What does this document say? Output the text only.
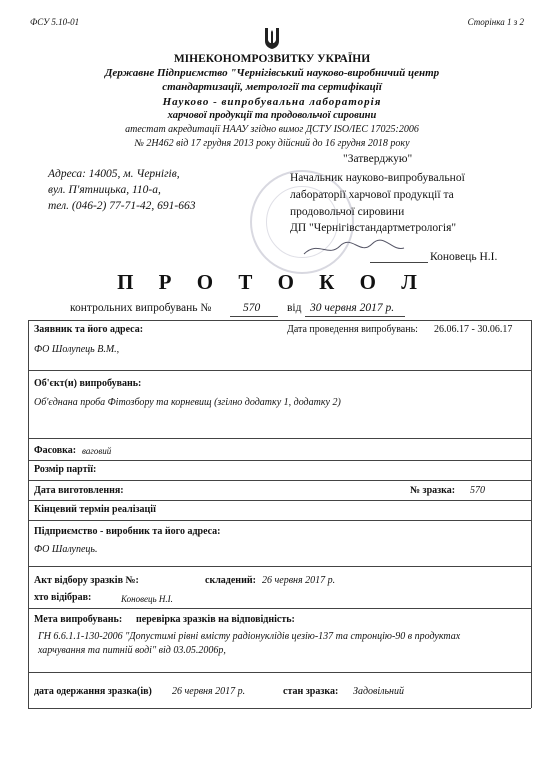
ФСУ 5.10-01	Сторінка 1 з 2
МІНЕКОНОМРОЗВИТКУ УКРАЇНИ
Державне Підприємство "Чернігівський науково-виробничий центр
стандартизації, метрології та сертифікації
Науково - випробувальна лабораторія
харчової продукції та продовольчої сировини
атестат акредитації НААУ згідно вимог ДСТУ ISO/IEC 17025:2006
№ 2Н462 від 17 грудня 2013 року дійсний до 16 грудня 2018 року
Адреса: 14005, м. Чернігів,
вул. П'ятницька, 110-а,
тел. (046-2) 77-71-42, 691-663
"Затверджую"
Начальник науково-випробувальної
лабораторії харчової продукції та
продовольчої сировини
ДП "Чернігівстандартметрологія"
Коновець Н.І.
П Р О Т О К О Л
контрольних випробувань №	570 від 30 червня 2017 р.
Заявник та його адреса:	Дата проведення випробувань: 26.06.17 - 30.06.17
ФО Шолупець В.М.,
Об'єкт(и) випробувань:
Об'єднана проба Фітозбору та корневищ (згілно додатку 1, додатку 2)
Фасовка: ваговий
Розмір партії:
Дата виготовлення:	№ зразка: 570
Кінцевий термін реалізації
Підприємство - виробник та його адреса:
ФО Шалупець.
Акт відбору зразків №:	складений: 26 червня 2017 р.
хто відібрав:	Коновець Н.І.
Мета випробувань: перевірка зразків на відповідність:
ГН 6.6.1.1-130-2006 "Допустимі рівні вмісту радіонуклідів цезію-137 та стронцію-90 в продуктах
харчування та питній воді" від 03.05.2006р,
дата одержання зразка(ів) 26 червня 2017 р.	стан зразка: Задовільний
